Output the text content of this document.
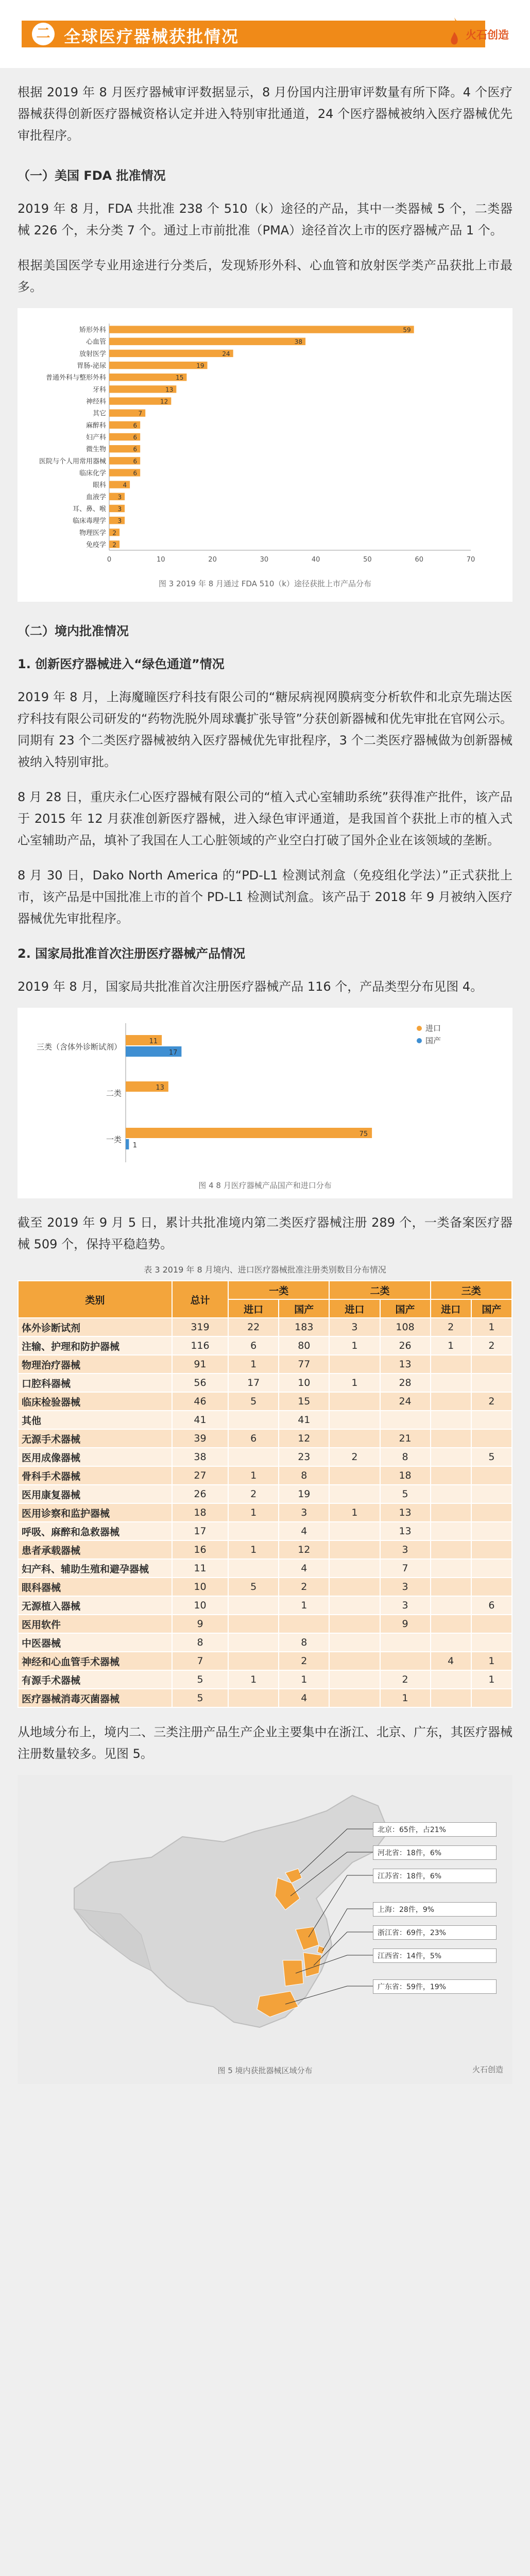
二 全球医疗器械获批情况	火石创造

根据 2019 年 8 月医疗器械审评数据显示，8 月份国内注册审评数量有所下降。4 个医疗器械获得创新医疗器械资格认定并进入特别审批通道，24 个医疗器械被纳入医疗器械优先审批程序。

（一）美国 FDA 批准情况

2019 年 8 月，FDA 共批准 238 个 510（k）途径的产品，其中一类器械 5 个，二类器械 226 个，未分类 7 个。通过上市前批准（PMA）途径首次上市的医疗器械产品 1 个。

根据美国医学专业用途进行分类后，发现矫形外科、心血管和放射医学类产品获批上市最多。

矫形外科	59
心血管	38
放射医学	24
胃肠-泌尿	19
普通外科与整形外科	15
牙科	13
神经科	12
其它	7
麻醉科	6
妇产科	6
微生物	6
医院与个人用常用器械	6
临床化学	6
眼科	4
血液学 3
耳、鼻、喉 3
临床毒理学 3
物理医学 2
免疫学 2
0	10	20	30	40	50	60	70
图 3 2019 年 8 月通过 FDA 510（k）途径获批上市产品分布
（二）境内批准情况
1. 创新医疗器械进入“绿色通道”情况

2019 年 8 月，上海魔瞳医疗科技有限公司的“糖尿病视网膜病变分析软件和北京先瑞达医疗科技有限公司研发的“药物洗脱外周球囊扩张导管”分获创新器械和优先审批在官网公示。同期有 23 个二类医疗器械被纳入医疗器械优先审批程序，3 个二类医疗器械做为创新器械被纳入特别审批。

8 月 28 日，重庆永仁心医疗器械有限公司的“植入式心室辅助系统”获得准产批件，该产品于 2015 年 12 月获准创新医疗器械，进入绿色审评通道，是我国首个获批上市的植入式心室辅助产品，填补了我国在人工心脏领域的产业空白打破了国外企业在该领域的垄断。

8 月 30 日，Dako North America 的“PD-L1 检测试剂盒（免疫组化学法）”正式获批上市，该产品是中国批准上市的首个 PD-L1 检测试剂盒。该产品于 2018 年 9 月被纳入医疗器械优先审批程序。

2. 国家局批准首次注册医疗器械产品情况

2019 年 8 月，国家局共批准首次注册医疗器械产品 116 个，产品类型分布见图 4。

三类（含体外诊断试剂）
11
17
二类
13
一类
75
1
进口
国产
图 4 8 月医疗器械产品国产和进口分布

截至 2019 年 9 月 5 日，累计共批准境内第二类医疗器械注册 289 个，一类备案医疗器械 509 个，保持平稳趋势。

表 3 2019 年 8 月境内、进口医疗器械批准注册类别数目分布情况
类别	总计	一类		二类		三类	
		进口	国产	进口	国产	进口	国产
体外诊断试剂	319	22	183	3	108	2	1
注输、护理和防护器械	116	6	80	1	26	1	2
物理治疗器械	91	1	77		13		
口腔科器械	56	17	10	1	28		
临床检验器械	46	5	15		24		2
其他	41		41				
无源手术器械	39	6	12		21		
医用成像器械	38		23	2	8		5
骨科手术器械	27	1	8		18		
医用康复器械	26	2	19		5		
医用诊察和监护器械	18	1	3	1	13		
呼吸、麻醉和急救器械	17		4		13		
患者承载器械	16	1	12		3		
妇产科、辅助生殖和避孕器械	11		4		7		
眼科器械	10	5	2		3		
无源植入器械	10		1		3		6
医用软件	9				9		
中医器械	8		8				
神经和心血管手术器械	7		2			4	1
有源手术器械	5	1	1		2		1
医疗器械消毒灭菌器械	5		4		1		

从地域分布上，境内二、三类注册产品生产企业主要集中在浙江、北京、广东，其医疗器械注册数量较多。见图 5。

北京：65件，占21%
河北省：18件，6%
江苏省：18件，6%
上海：28件，9%
浙江省：69件，23%
江西省：14件，5%
广东省：59件，19%
图 5 境内获批器械区域分布	火石创造
